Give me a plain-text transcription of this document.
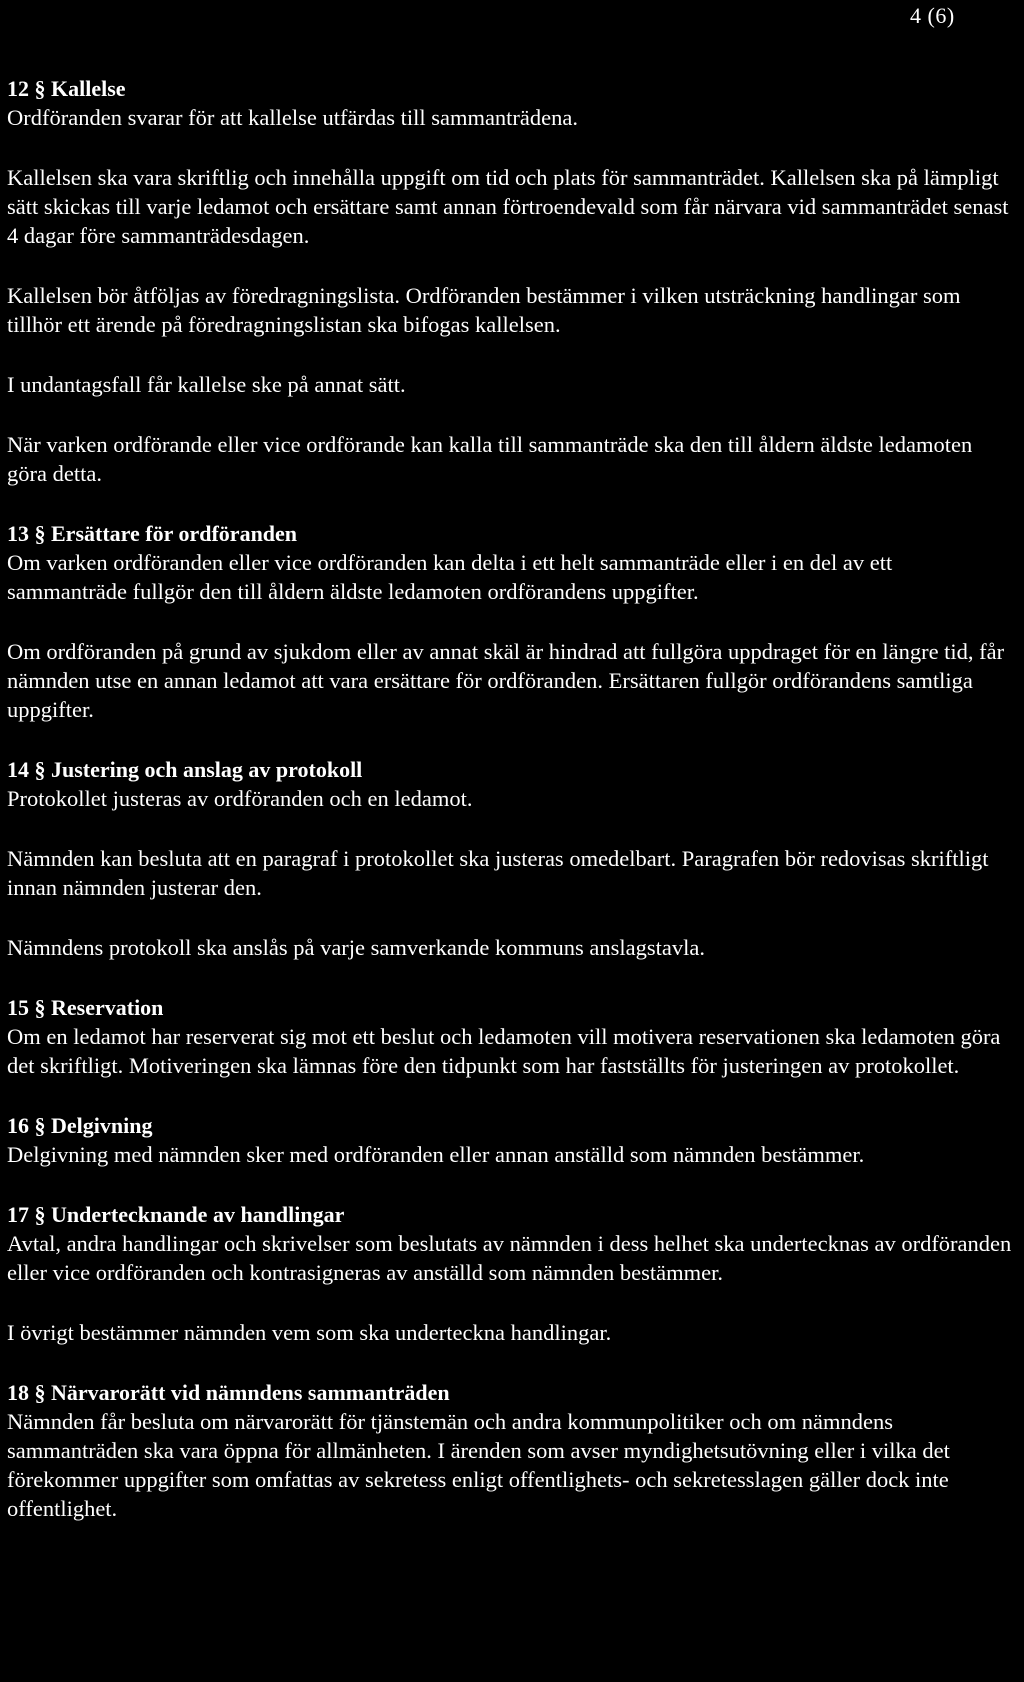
4 (6)

12 § Kallelse

Ordföranden svarar för att kallelse utfärdas till sammanträdena.

Kallelsen ska vara skriftlig och innehålla uppgift om tid och plats för sammanträdet. Kallelsen ska på lämpligt sätt skickas till varje ledamot och ersättare samt annan förtroendevald som får närvara vid sammanträdet senast 4 dagar före sammanträdesdagen.

Kallelsen bör åtföljas av föredragningslista. Ordföranden bestämmer i vilken utsträckning handlingar som tillhör ett ärende på föredragningslistan ska bifogas kallelsen.

I undantagsfall får kallelse ske på annat sätt.

När varken ordförande eller vice ordförande kan kalla till sammanträde ska den till åldern äldste ledamoten göra detta.

13 § Ersättare för ordföranden

Om varken ordföranden eller vice ordföranden kan delta i ett helt sammanträde eller i en del av ett sammanträde fullgör den till åldern äldste ledamoten ordförandens uppgifter.

Om ordföranden på grund av sjukdom eller av annat skäl är hindrad att fullgöra uppdraget för en längre tid, får nämnden utse en annan ledamot att vara ersättare för ordföranden. Ersättaren fullgör ordförandens samtliga uppgifter.

14 § Justering och anslag av protokoll

Protokollet justeras av ordföranden och en ledamot.

Nämnden kan besluta att en paragraf i protokollet ska justeras omedelbart. Paragrafen bör redovisas skriftligt innan nämnden justerar den.

Nämndens protokoll ska anslås på varje samverkande kommuns anslagstavla.

15 § Reservation

Om en ledamot har reserverat sig mot ett beslut och ledamoten vill motivera reservationen ska ledamoten göra det skriftligt. Motiveringen ska lämnas före den tidpunkt som har fastställts för justeringen av protokollet.

16 § Delgivning

Delgivning med nämnden sker med ordföranden eller annan anställd som nämnden bestämmer.

17 § Undertecknande av handlingar

Avtal, andra handlingar och skrivelser som beslutats av nämnden i dess helhet ska undertecknas av ordföranden eller vice ordföranden och kontrasigneras av anställd som nämnden bestämmer.

I övrigt bestämmer nämnden vem som ska underteckna handlingar.

18 § Närvarorätt vid nämndens sammanträden

Nämnden får besluta om närvarorätt för tjänstemän och andra kommunpolitiker och om nämndens sammanträden ska vara öppna för allmänheten. I ärenden som avser myndighetsutövning eller i vilka det förekommer uppgifter som omfattas av sekretess enligt offentlighets- och sekretesslagen gäller dock inte offentlighet.
